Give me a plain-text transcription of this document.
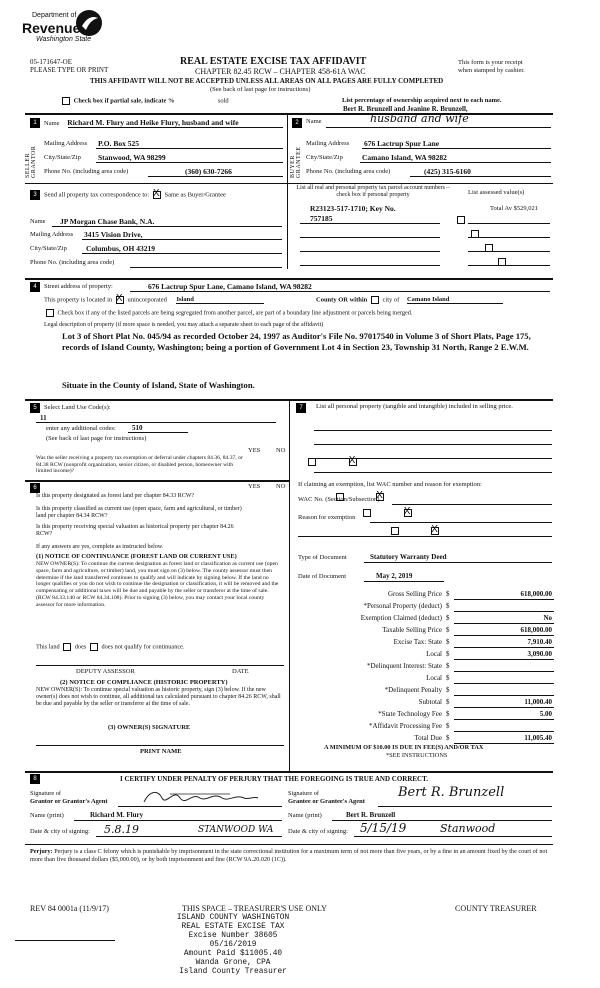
Department of
Revenue
Washington State
05-171647-OE
PLEASE TYPE OR PRINT
REAL ESTATE EXCISE TAX AFFIDAVIT
CHAPTER 82.45 RCW – CHAPTER 458-61A WAC
THIS AFFIDAVIT WILL NOT BE ACCEPTED UNLESS ALL AREAS ON ALL PAGES ARE FULLY COMPLETED
(See back of last page for instructions)
This form is your receipt
when stamped by cashier.
Check box if partial sale, indicate %	sold	List percentage of ownership acquired next to each name.
Bert R. Brunzell and Jeanine R. Brunzell,
1
SELLER GRANTOR
Name Richard M. Flury and Heike Flury, husband and wife
Mailing Address P.O. Box 525
City/State/Zip Stanwood, WA 98299
Phone No. (including area code)	(360) 630-7266
2
BUYER GRANTEE
Name	husband and wife
Mailing Address 676 Lactrup Spur Lane
City/State/Zip	Camano Island, WA 98282
Phone No. (including area code)	(425) 315-6160
3	Send all property tax correspondence to: X Same as Buyer/Grantee
Name JP Morgan Chase Bank, N.A.
Mailing Address 3415 Vision Drive,
City/State/Zip	Columbus, OH 43219
Phone No. (including area code)
List all real and personal property tax parcel account numbers – check box if personal property	List assessed value(s)
R23123-517-1710; Key No.
757185
Total Av $529,021

4	Street address of property:	676 Lactrup Spur Lane, Camano Island, WA 98282
This property is located in X unincorporated Island	County OR within city of Camano Island
Check box if any of the listed parcels are being segregated from another parcel, are part of a boundary line adjustment or parcels being merged.
Legal description of property (if more space is needed, you may attach a separate sheet to each page of the affidavit)
Lot 3 of Short Plat No. 045/94 as recorded October 24, 1997 as Auditor's File No. 97017540 in Volume 3 of Short Plats, Page 175, records of Island County, Washington; being a portion of Government Lot 4 in Section 23, Township 31 North, Range 2 E.W.M.
Situate in the County of Island, State of Washington.
5	Select Land Use Code(s):
11
enter any additional codes: 510
(See back of last page for instructions)
YES NO
Was the seller receiving a property tax exemption or deferral under chapters 84.36, 84.37, or 84.38 RCW (nonprofit organization, senior citizen, or disabled person, homeowner with limited income)?
X
6	YES NO
Is this property designated as forest land per chapter 84.33 RCW?
X
Is this property classified as current use (open space, farm and agricultural, or timber) land per chapter 84.34 RCW?
X
Is this property receiving special valuation as historical property per chapter 84.26 RCW?
X
If any answers are yes, complete as instructed below.
(1) NOTICE OF CONTINUANCE (FOREST LAND OR CURRENT USE)
NEW OWNER(S): To continue the current designation as forest land or classification as current use (open space, farm and agriculture, or timber) land, you must sign on (3) below. The county assessor must then determine if the land transferred continues to qualify and will indicate by signing below. If the land no longer qualifies or you do not wish to continue the designation or classification, it will be removed and the compensating or additional taxes will be due and payable by the seller or transferor at the time of sale. (RCW 84.33.140 or RCW 84.34.108). Prior to signing (3) below, you may contact your local county assessor for more information.
This land does does not qualify for continuance.
DEPUTY ASSESSOR	DATE
(2) NOTICE OF COMPLIANCE (HISTORIC PROPERTY)
NEW OWNER(S): To continue special valuation as historic property, sign (3) below. If the new owner(s) does not wish to continue, all additional tax calculated pursuant to chapter 84.26 RCW, shall be due and payable by the seller or transferor at the time of sale.
(3) OWNER(S) SIGNATURE
PRINT NAME
7	List all personal property (tangible and intangible) included in selling price.
If claiming an exemption, list WAC number and reason for exemption:
WAC No. (Section/Subsection)
Reason for exemption
Type of Document	Statutory Warranty Deed
Date of Document	May 2, 2019
Gross Selling Price $	618,000.00
*Personal Property (deduct) $
Exemption Claimed (deduct) $	No
Taxable Selling Price $	618,000.00
Excise Tax: State $	7,910.40
Local $	3,090.00
*Delinquent Interest: State $
Local $
*Delinquent Penalty $
Subtotal $	11,000.40
*State Technology Fee $	5.00
*Affidavit Processing Fee $
Total Due $	11,005.40
A MINIMUM OF $10.00 IS DUE IN FEE(S) AND/OR TAX
*SEE INSTRUCTIONS
8	I CERTIFY UNDER PENALTY OF PERJURY THAT THE FOREGOING IS TRUE AND CORRECT.
Signature of
Grantor or Grantor's Agent
Name (print)	Richard M. Flury
Date & city of signing: 5.8.19	STANWOOD WA
Signature of
Grantee or Grantee's Agent
Bert R. Brunzell
Name (print)	Bert R. Brunzell
Date & city of signing: 5/15/19	Stanwood
Perjury: Perjury is a class C felony which is punishable by imprisonment in the state correctional institution for a maximum term of not more than five years, or by a fine in an amount fixed by the court of not more than five thousand dollars ($5,000.00), or by both imprisonment and fine (RCW 9A.20.020 (1C)).
REV 84 0001a (11/9/17)	THIS SPACE – TREASURER'S USE ONLY	COUNTY TREASURER
ISLAND COUNTY WASHINGTON
REAL ESTATE EXCISE TAX
Excise Number 38605
05/16/2019
Amount Paid $11005.40
Wanda Grone, CPA
Island County Treasurer
